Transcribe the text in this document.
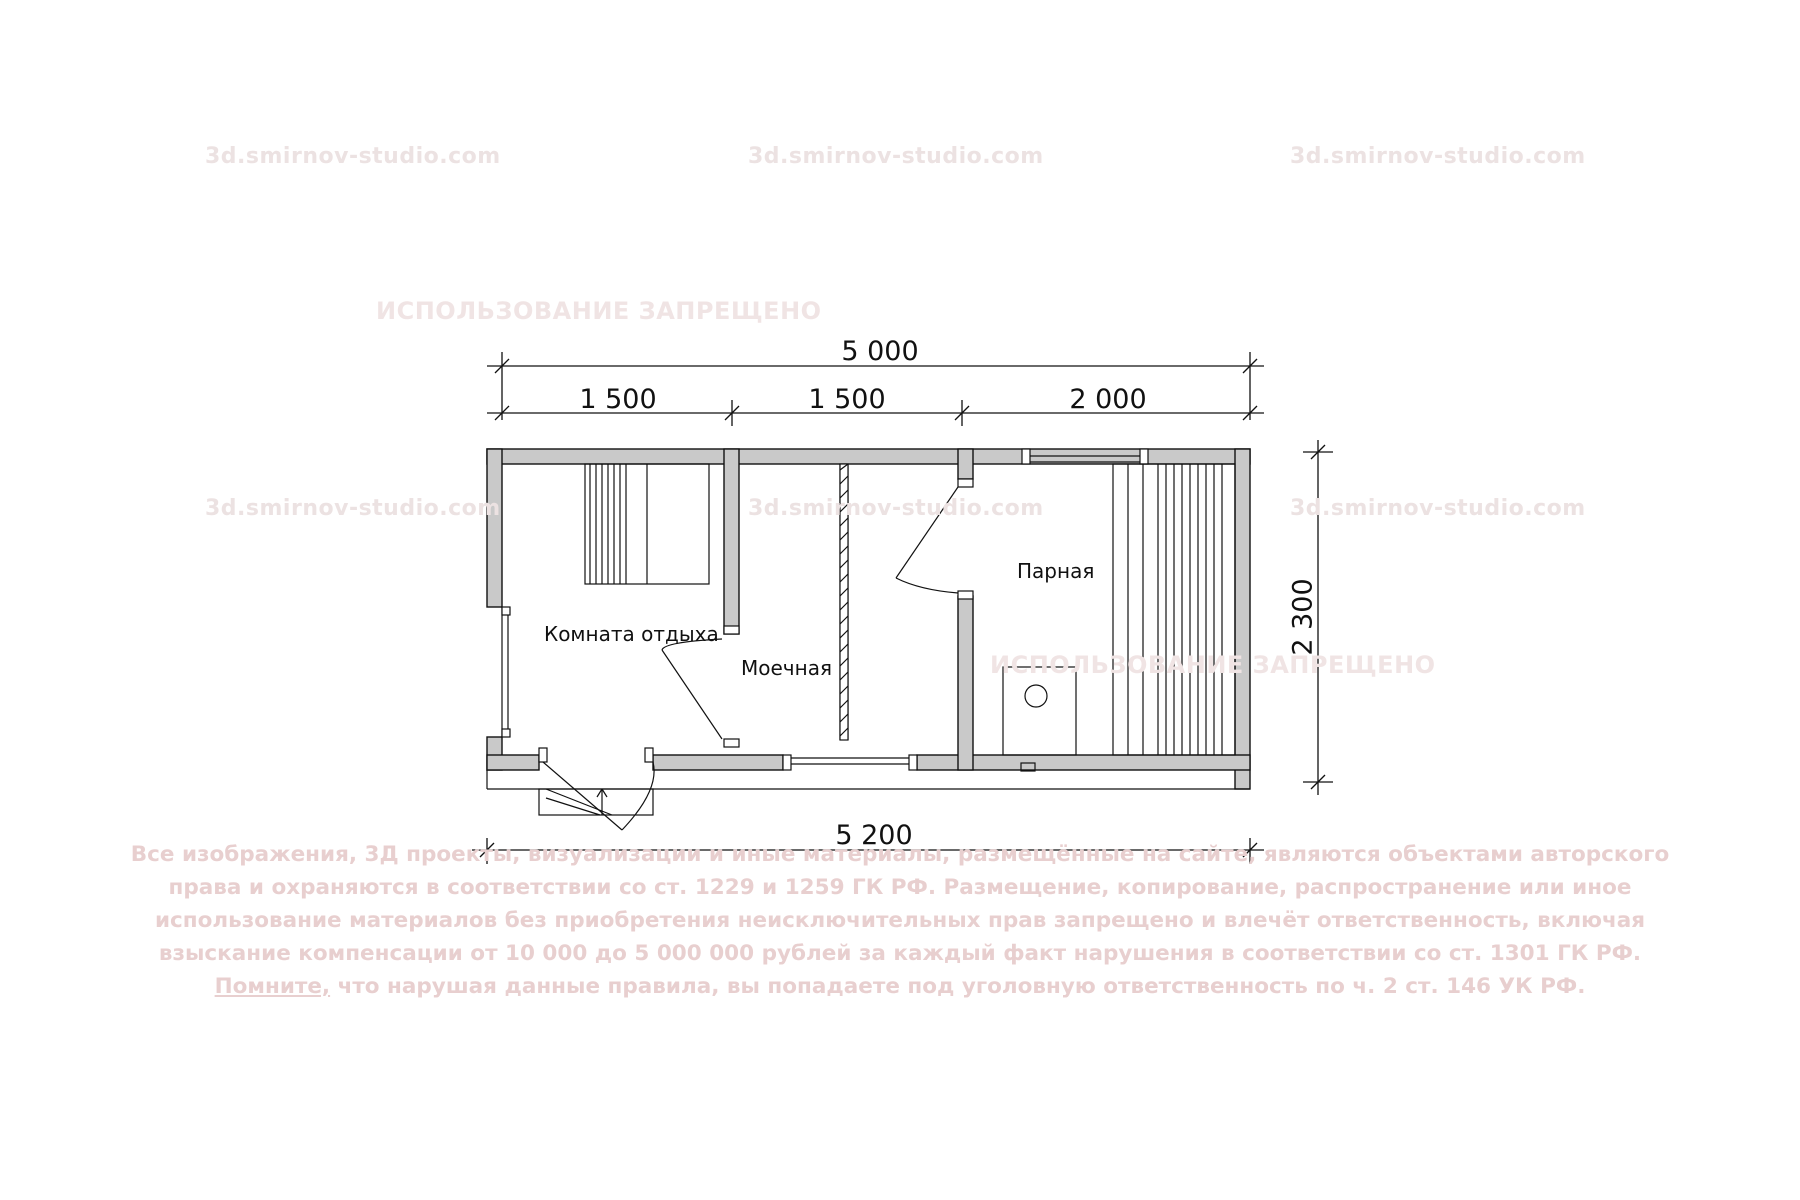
3d.smirnov-studio.com	3d.smirnov-studio.com	3d.smirnov-studio.com
3d.smirnov-studio.com	3d.smirnov-studio.com	3d.smirnov-studio.com
ИСПОЛЬЗОВАНИЕ ЗАПРЕЩЕНО
ИСПОЛЬЗОВАНИЕ ЗАПРЕЩЕНО
5 000
1 500	1 500	2 000
5 200
2 300
Комната отдыха
Моечная
Парная
Все изображения, 3Д проекты, визуализации и иные материалы, размещённые на сайте, являются объектами авторского
права и охраняются в соответствии со ст. 1229 и 1259 ГК РФ. Размещение, копирование, распространение или иное
использование материалов без приобретения неисключительных прав запрещено и влечёт ответственность, включая
взыскание компенсации от 10 000 до 5 000 000 рублей за каждый факт нарушения в соответствии со ст. 1301 ГК РФ.
Помните, что нарушая данные правила, вы попадаете под уголовную ответственность по ч. 2 ст. 146 УК РФ.
